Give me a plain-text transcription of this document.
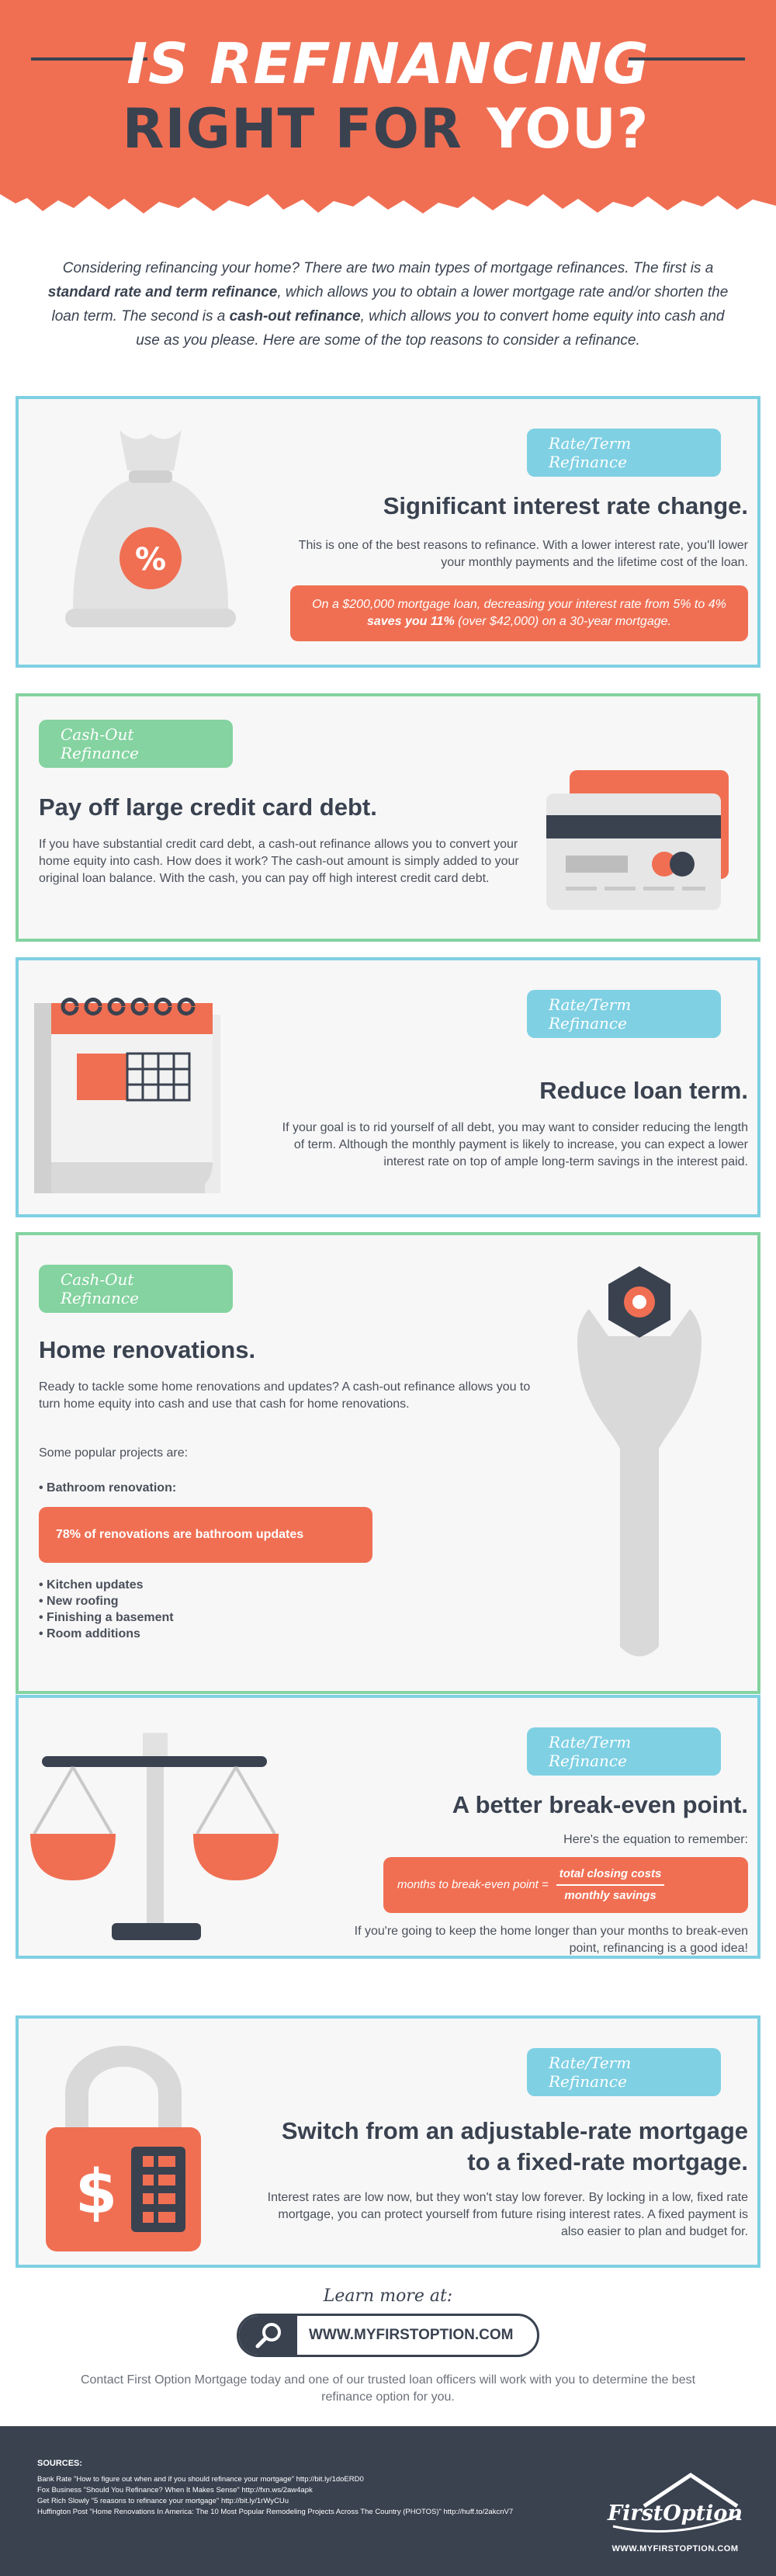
IS REFINANCING
RIGHT FOR YOU?
Considering refinancing your home? There are two main types of mortgage refinances. The first is a standard rate and term refinance, which allows you to obtain a lower mortgage rate and/or shorten the loan term. The second is a cash-out refinance, which allows you to convert home equity into cash and use as you please. Here are some of the top reasons to consider a refinance.
%
Rate/Term Refinance
Significant interest rate change.
This is one of the best reasons to refinance. With a lower interest rate, you'll lower your monthly payments and the lifetime cost of the loan.
On a $200,000 mortgage loan, decreasing your interest rate from 5% to 4% saves you 11% (over $42,000) on a 30-year mortgage.
Cash-Out Refinance
Pay off large credit card debt.
If you have substantial credit card debt, a cash-out refinance allows you to convert your home equity into cash. How does it work? The cash-out amount is simply added to your original loan balance. With the cash, you can pay off high interest credit card debt.
Rate/Term Refinance
Reduce loan term.
If your goal is to rid yourself of all debt, you may want to consider reducing the length of term. Although the monthly payment is likely to increase, you can expect a lower interest rate on top of ample long-term savings in the interest paid.
Cash-Out Refinance
Home renovations.
Ready to tackle some home renovations and updates? A cash-out refinance allows you to turn home equity into cash and use that cash for home renovations.
Some popular projects are:
• Bathroom renovation:
78% of renovations are bathroom updates
• Kitchen updates
• New roofing
• Finishing a basement
• Room additions
Rate/Term Refinance
A better break-even point.
Here's the equation to remember:
months to break-even point =
total closing costs
monthly savings
If you're going to keep the home longer than your months to break-even point, refinancing is a good idea!
$
Rate/Term Refinance
Switch from an adjustable-rate mortgage
to a fixed-rate mortgage.
Interest rates are low now, but they won't stay low forever. By locking in a low, fixed rate mortgage, you can protect yourself from future rising interest rates. A fixed payment is also easier to plan and budget for.
Learn more at:
WWW.MYFIRSTOPTION.COM
Contact First Option Mortgage today and one of our trusted loan officers will work with you to determine the best refinance option for you.
SOURCES:
Bank Rate "How to figure out when and if you should refinance your mortgage" http://bit.ly/1doERD0
Fox Business "Should You Refinance? When It Makes Sense" http://fxn.ws/2aw4apk
Get Rich Slowly "5 reasons to refinance your mortgage" http://bit.ly/1rWyCUu
Huffington Post "Home Renovations In America: The 10 Most Popular Remodeling Projects Across The Country (PHOTOS)" http://huff.to/2akcnV7	FirstOption
WWW.MYFIRSTOPTION.COM
